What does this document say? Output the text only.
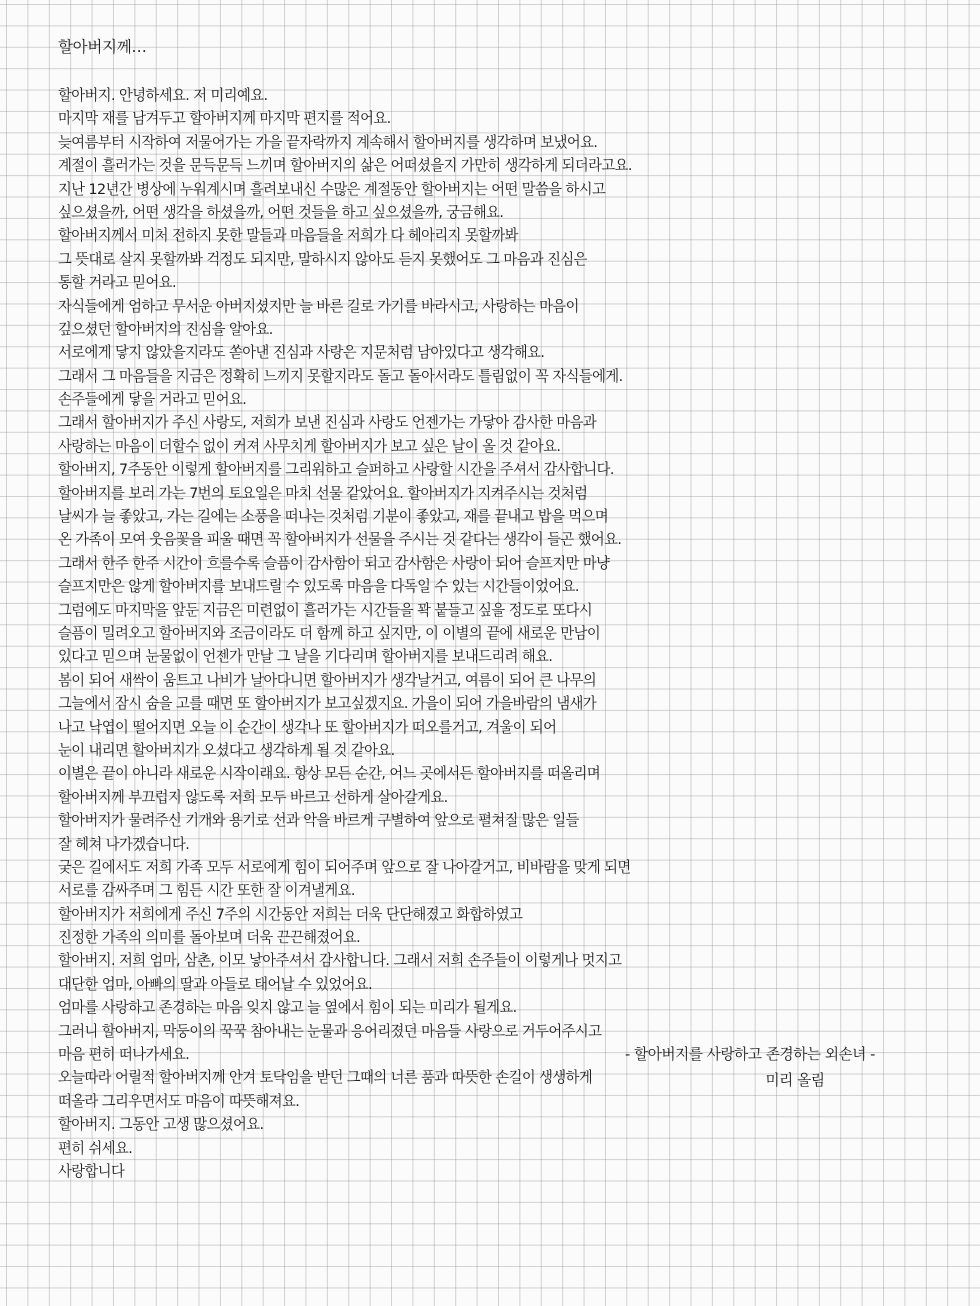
할아버지께…
할아버지. 안녕하세요. 저 미리예요.
마지막 재를 남겨두고 할아버지께 마지막 편지를 적어요.
늦여름부터 시작하여 저물어가는 가을 끝자락까지 계속해서 할아버지를 생각하며 보냈어요.
계절이 흘러가는 것을 문득문득 느끼며 할아버지의 삶은 어떠셨을지 가만히 생각하게 되더라고요.
지난 12년간 병상에 누워계시며 흘려보내신 수많은 계절동안 할아버지는 어떤 말씀을 하시고
싶으셨을까, 어떤 생각을 하셨을까, 어떤 것들을 하고 싶으셨을까, 궁금해요.
할아버지께서 미처 전하지 못한 말들과 마음들을 저희가 다 헤아리지 못할까봐
그 뜻대로 살지 못할까봐 걱정도 되지만, 말하시지 않아도 듣지 못했어도 그 마음과 진심은
통할 거라고 믿어요.
자식들에게 엄하고 무서운 아버지셨지만 늘 바른 길로 가기를 바라시고, 사랑하는 마음이
깊으셨던 할아버지의 진심을 알아요.
서로에게 닿지 않았을지라도 쏟아낸 진심과 사랑은 지문처럼 남아있다고 생각해요.
그래서 그 마음들을 지금은 정확히 느끼지 못할지라도 돌고 돌아서라도 틀림없이 꼭 자식들에게.
손주들에게 닿을 거라고 믿어요.
그래서 할아버지가 주신 사랑도, 저희가 보낸 진심과 사랑도 언젠가는 가닿아 감사한 마음과
사랑하는 마음이 더할수 없이 커져 사무치게 할아버지가 보고 싶은 날이 올 것 같아요.
할아버지, 7주동안 이렇게 할아버지를 그리워하고 슬퍼하고 사랑할 시간을 주셔서 감사합니다.
할아버지를 보러 가는 7번의 토요일은 마치 선물 같았어요. 할아버지가 지켜주시는 것처럼
날씨가 늘 좋았고, 가는 길에는 소풍을 떠나는 것처럼 기분이 좋았고, 재를 끝내고 밥을 먹으며
온 가족이 모여 웃음꽃을 피울 때면 꼭 할아버지가 선물을 주시는 것 같다는 생각이 들곤 했어요.
그래서 한주 한주 시간이 흐를수록 슬픔이 감사함이 되고 감사함은 사랑이 되어 슬프지만 마냥
슬프지만은 않게 할아버지를 보내드릴 수 있도록 마음을 다독일 수 있는 시간들이었어요.
그럼에도 마지막을 앞둔 지금은 미련없이 흘러가는 시간들을 꽉 붙들고 싶을 정도로 또다시
슬픔이 밀려오고 할아버지와 조금이라도 더 함께 하고 싶지만, 이 이별의 끝에 새로운 만남이
있다고 믿으며 눈물없이 언젠가 만날 그 날을 기다리며 할아버지를 보내드리려 해요.
봄이 되어 새싹이 움트고 나비가 날아다니면 할아버지가 생각날거고, 여름이 되어 큰 나무의
그늘에서 잠시 숨을 고를 때면 또 할아버지가 보고싶겠지요. 가을이 되어 가을바람의 냄새가
나고 낙엽이 떨어지면 오늘 이 순간이 생각나 또 할아버지가 떠오를거고, 겨울이 되어
눈이 내리면 할아버지가 오셨다고 생각하게 될 것 같아요.
이별은 끝이 아니라 새로운 시작이래요. 항상 모든 순간, 어느 곳에서든 할아버지를 떠올리며
할아버지께 부끄럽지 않도록 저희 모두 바르고 선하게 살아갈게요.
할아버지가 물려주신 기개와 용기로 선과 악을 바르게 구별하여 앞으로 펼쳐질 많은 일들
잘 헤쳐 나가겠습니다.
궂은 길에서도 저희 가족 모두 서로에게 힘이 되어주며 앞으로 잘 나아갈거고, 비바람을 맞게 되면
서로를 감싸주며 그 힘든 시간 또한 잘 이겨낼게요.
할아버지가 저희에게 주신 7주의 시간동안 저희는 더욱 단단해졌고 화합하였고
진정한 가족의 의미를 돌아보며 더욱 끈끈해졌어요.
할아버지. 저희 엄마, 삼촌, 이모 낳아주셔서 감사합니다. 그래서 저희 손주들이 이렇게나 멋지고
대단한 엄마, 아빠의 딸과 아들로 태어날 수 있었어요.
엄마를 사랑하고 존경하는 마음 잊지 않고 늘 옆에서 힘이 되는 미리가 될게요.
그러니 할아버지, 막둥이의 꾹꾹 참아내는 눈물과 응어리졌던 마음들 사랑으로 거두어주시고
마음 편히 떠나가세요.
오늘따라 어릴적 할아버지께 안겨 토닥임을 받던 그때의 너른 품과 따뜻한 손길이 생생하게
떠올라 그리우면서도 마음이 따뜻해져요.
할아버지. 그동안 고생 많으셨어요.
편히 쉬세요.
사랑합니다
- 할아버지를 사랑하고 존경하는 외손녀 -
미리 올림
